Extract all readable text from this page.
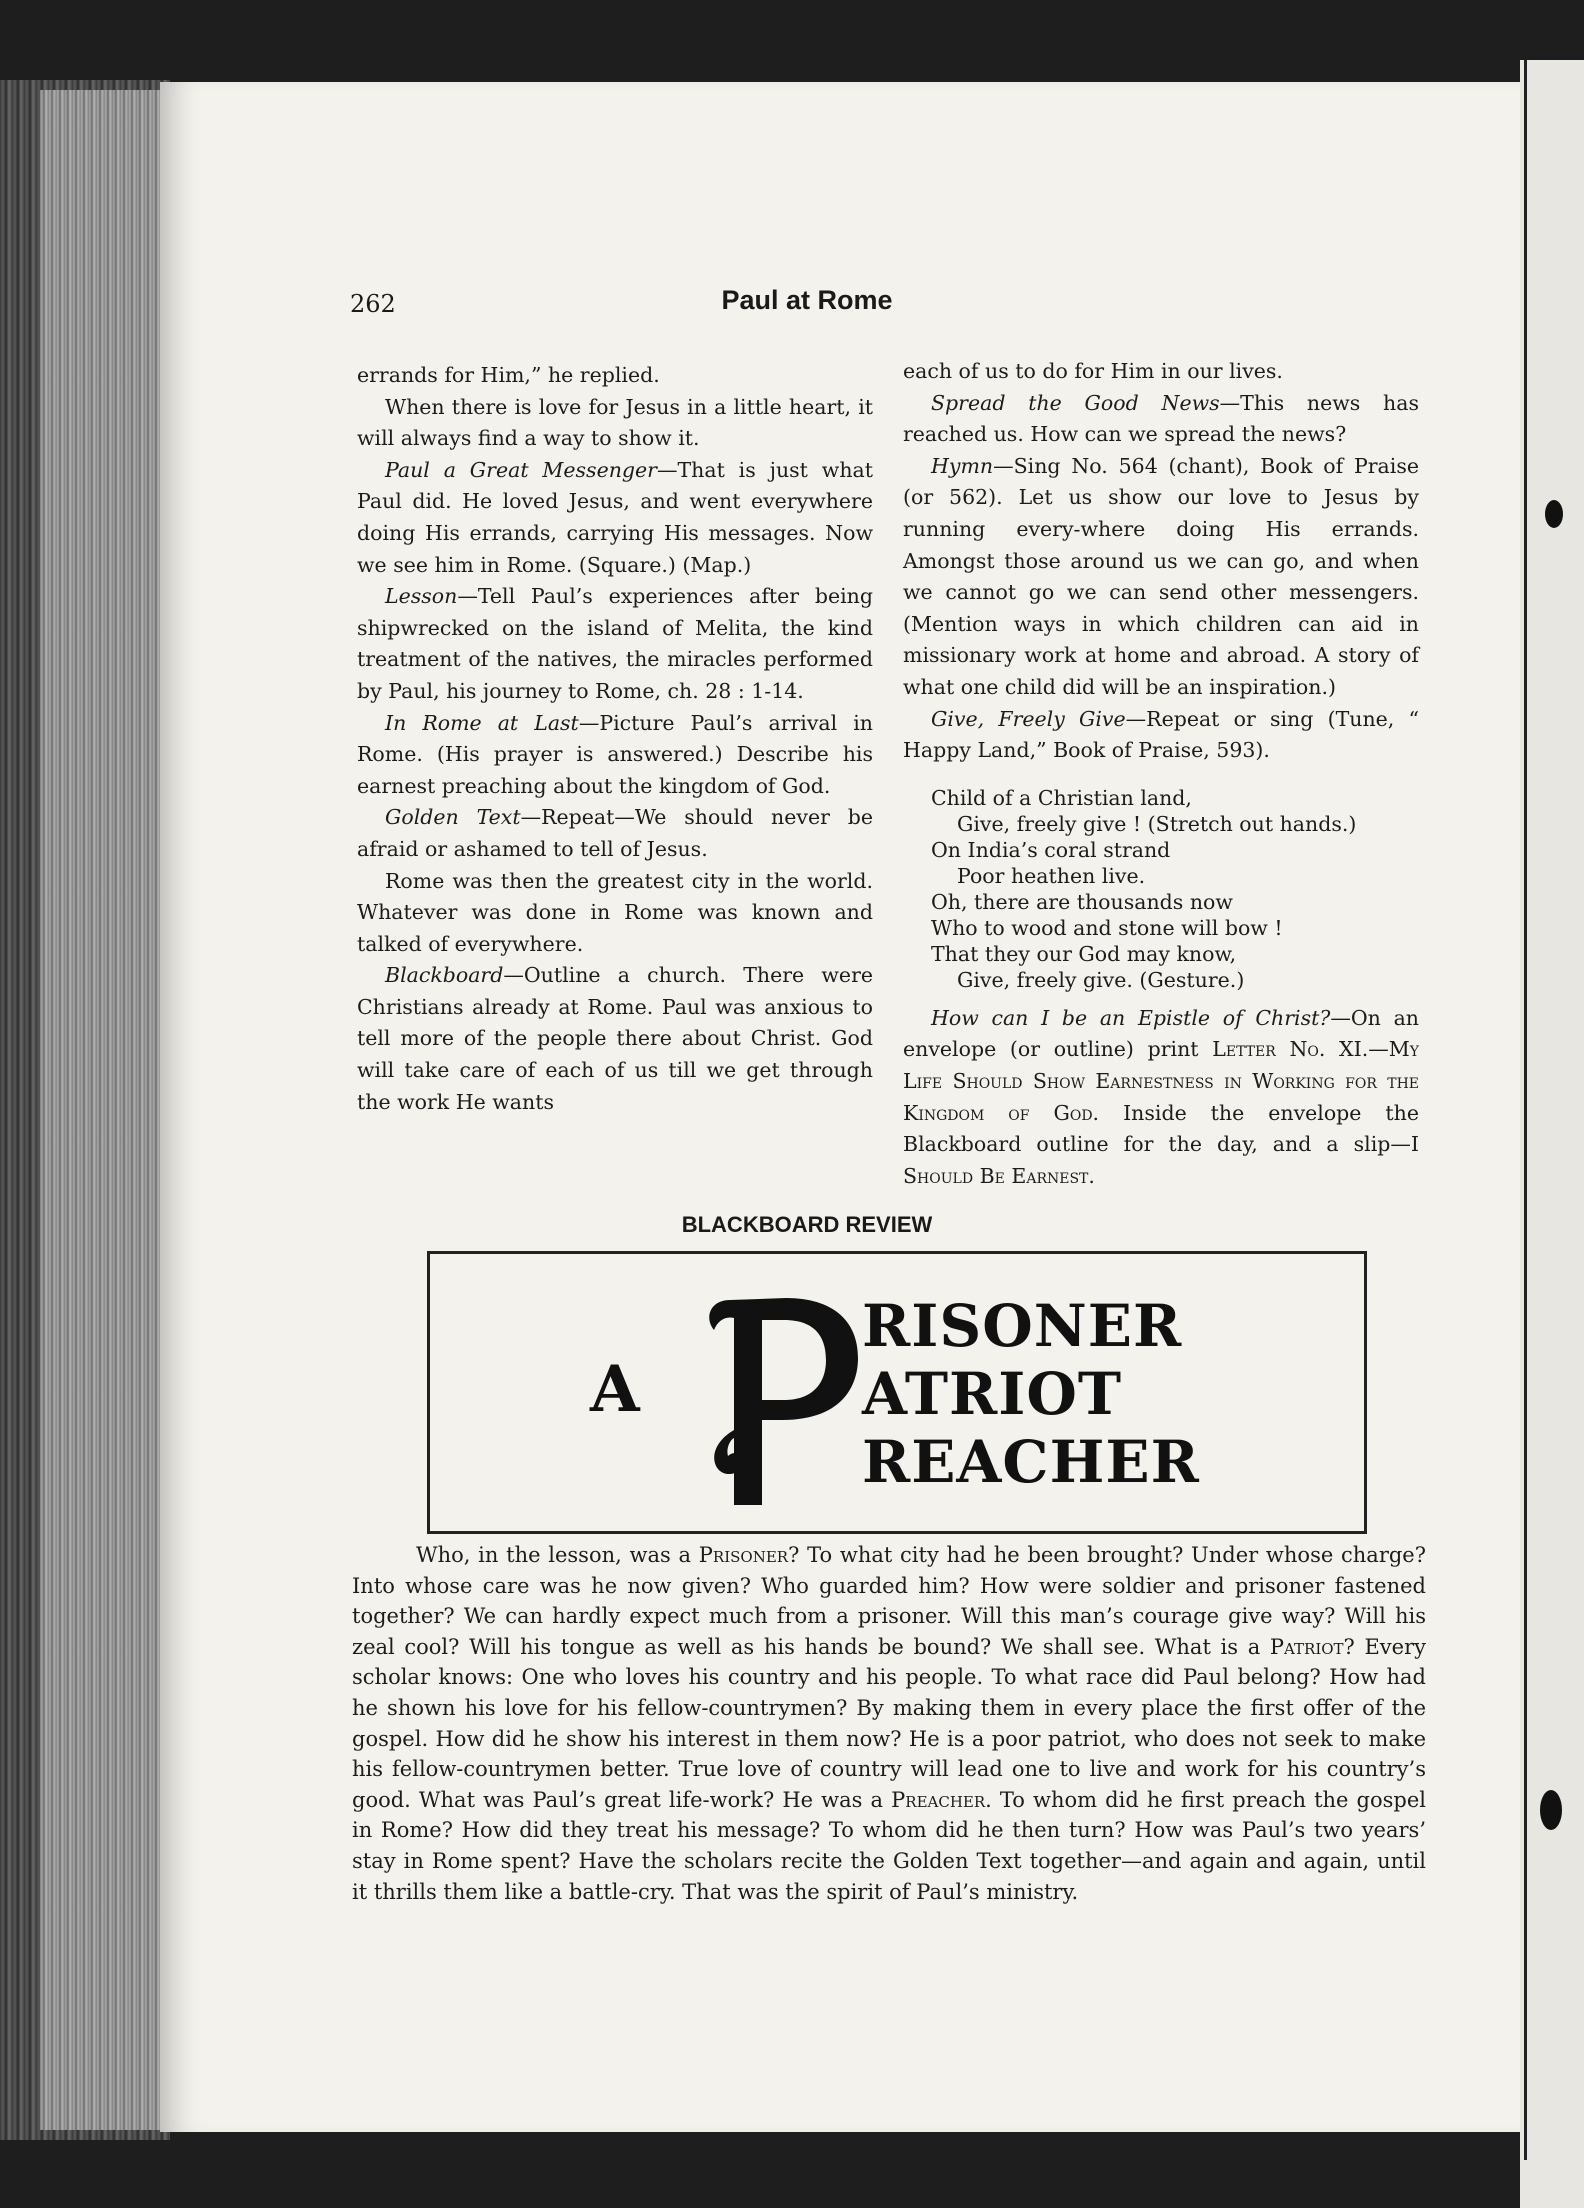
262	Paul at Rome

errands for Him,” he replied.

When there is love for Jesus in a little heart, it will always find a way to show it.

Paul a Great Messenger—That is just what Paul did. He loved Jesus, and went everywhere doing His errands, carrying His messages. Now we see him in Rome. (Square.) (Map.)

Lesson—Tell Paul’s experiences after being shipwrecked on the island of Melita, the kind treatment of the natives, the miracles performed by Paul, his journey to Rome, ch. 28 : 1-14.

In Rome at Last—Picture Paul’s arrival in Rome. (His prayer is answered.) Describe his earnest preaching about the kingdom of God.

Golden Text—Repeat—We should never be afraid or ashamed to tell of Jesus.

Rome was then the greatest city in the world. Whatever was done in Rome was known and talked of everywhere.

Blackboard—Outline a church. There were Christians already at Rome. Paul was anxious to tell more of the people there about Christ. God will take care of each of us till we get through the work He wants

each of us to do for Him in our lives.

Spread the Good News—This news has reached us. How can we spread the news?

Hymn—Sing No. 564 (chant), Book of Praise (or 562). Let us show our love to Jesus by running every-where doing His errands. Amongst those around us we can go, and when we cannot go we can send other messengers. (Mention ways in which children can aid in missionary work at home and abroad. A story of what one child did will be an inspiration.)

Give, Freely Give—Repeat or sing (Tune, “ Happy Land,” Book of Praise, 593).

Child of a Christian land,
Give, freely give ! (Stretch out hands.)
On India’s coral strand
Poor heathen live.
Oh, there are thousands now
Who to wood and stone will bow !
That they our God may know,
Give, freely give. (Gesture.)

How can I be an Epistle of Christ?—On an envelope (or outline) print Letter No. XI.—My Life Should Show Earnestness in Working for the Kingdom of God. Inside the envelope the Blackboard outline for the day, and a slip—I Should Be Earnest.

BLACKBOARD REVIEW
A
RISONER
ATRIOT
REACHER
Who, in the lesson, was a Prisoner? To what city had he been brought? Under whose charge? Into whose care was he now given? Who guarded him? How were soldier and prisoner fastened together? We can hardly expect much from a prisoner. Will this man’s courage give way? Will his zeal cool? Will his tongue as well as his hands be bound? We shall see. What is a Patriot? Every scholar knows: One who loves his country and his people. To what race did Paul belong? How had he shown his love for his fellow-countrymen? By making them in every place the first offer of the gospel. How did he show his interest in them now? He is a poor patriot, who does not seek to make his fellow-countrymen better. True love of country will lead one to live and work for his country’s good. What was Paul’s great life-work? He was a Preacher. To whom did he first preach the gospel in Rome? How did they treat his message? To whom did he then turn? How was Paul’s two years’ stay in Rome spent? Have the scholars recite the Golden Text together—and again and again, until it thrills them like a battle-cry. That was the spirit of Paul’s ministry.
